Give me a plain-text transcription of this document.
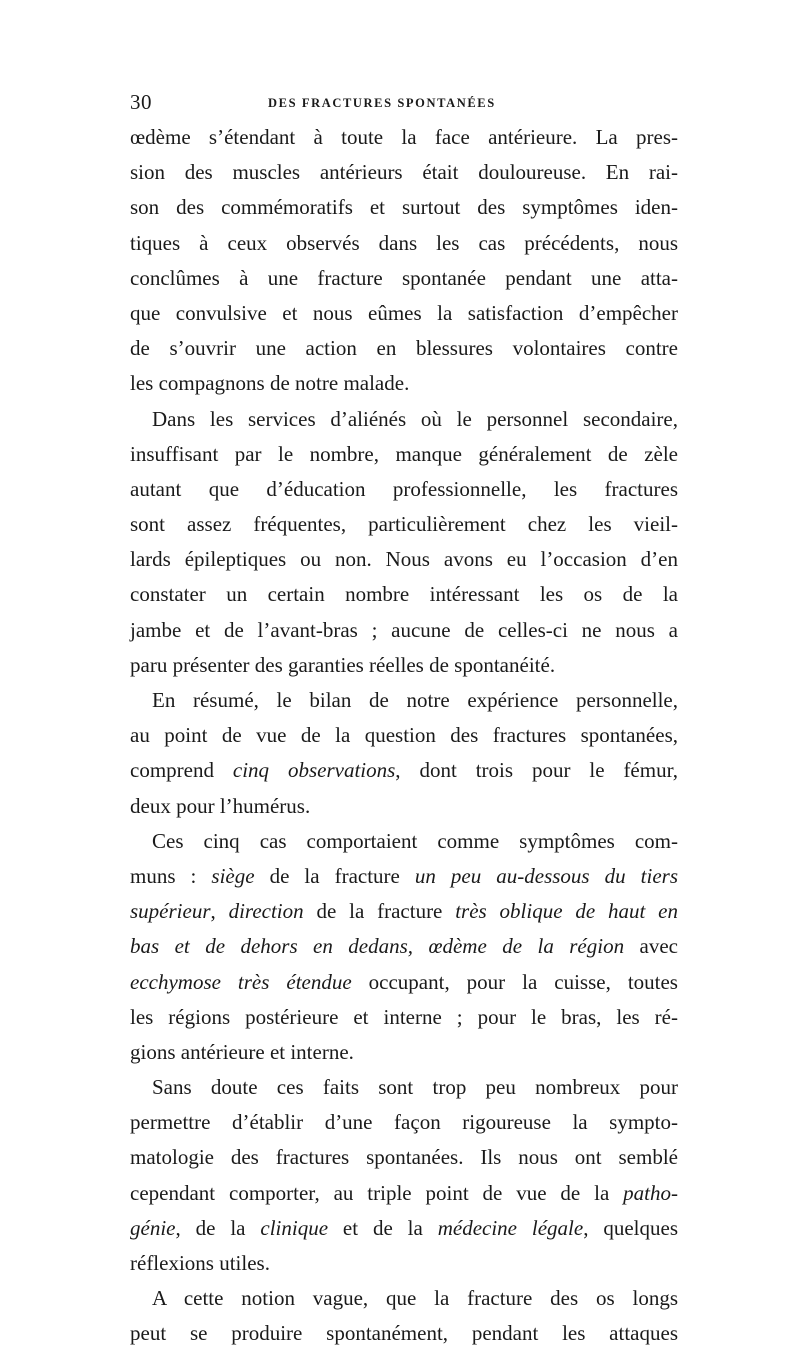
30	DES FRACTURES SPONTANÉES
œdème s’étendant à toute la face antérieure. La pres-
sion des muscles antérieurs était douloureuse. En rai-
son des commémoratifs et surtout des symptômes iden-
tiques à ceux observés dans les cas précédents, nous
conclûmes à une fracture spontanée pendant une atta-
que convulsive et nous eûmes la satisfaction d’empêcher
de s’ouvrir une action en blessures volontaires contre
les compagnons de notre malade.
Dans les services d’aliénés où le personnel secondaire,
insuffisant par le nombre, manque généralement de zèle
autant que d’éducation professionnelle, les fractures
sont assez fréquentes, particulièrement chez les vieil-
lards épileptiques ou non. Nous avons eu l’occasion d’en
constater un certain nombre intéressant les os de la
jambe et de l’avant-bras ; aucune de celles-ci ne nous a
paru présenter des garanties réelles de spontanéité.
En résumé, le bilan de notre expérience personnelle,
au point de vue de la question des fractures spontanées,
comprend cinq observations, dont trois pour le fémur,
deux pour l’humérus.
Ces cinq cas comportaient comme symptômes com-
muns : siège de la fracture un peu au-dessous du tiers
supérieur, direction de la fracture très oblique de haut en
bas et de dehors en dedans, œdème de la région avec
ecchymose très étendue occupant, pour la cuisse, toutes
les régions postérieure et interne ; pour le bras, les ré-
gions antérieure et interne.
Sans doute ces faits sont trop peu nombreux pour
permettre d’établir d’une façon rigoureuse la sympto-
matologie des fractures spontanées. Ils nous ont semblé
cependant comporter, au triple point de vue de la patho-
génie, de la clinique et de la médecine légale, quelques
réflexions utiles.
A cette notion vague, que la fracture des os longs
peut se produire spontanément, pendant les attaques
